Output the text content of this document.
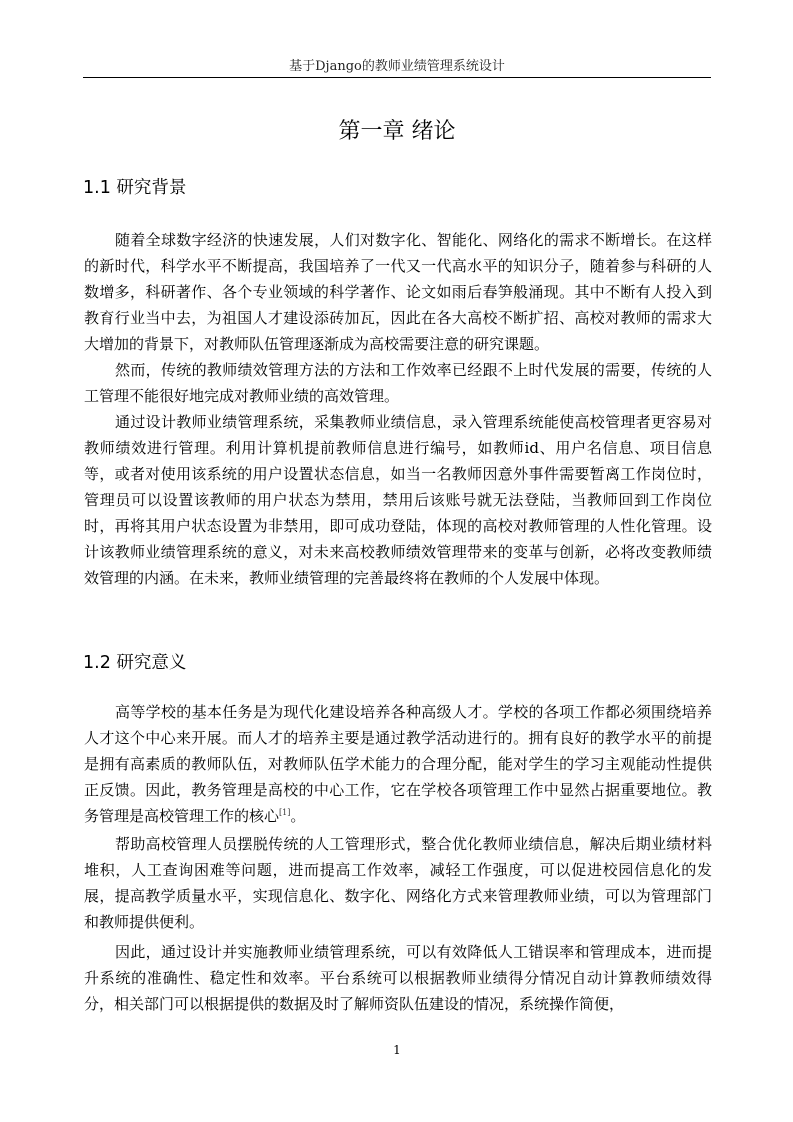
基于Django的教师业绩管理系统设计
第一章 绪论
1.1 研究背景

随着全球数字经济的快速发展，人们对数字化、智能化、网络化的需求不断增长。在这样的新时代，科学水平不断提高，我国培养了一代又一代高水平的知识分子，随着参与科研的人数增多，科研著作、各个专业领域的科学著作、论文如雨后春笋般涌现。其中不断有人投入到教育行业当中去，为祖国人才建设添砖加瓦，因此在各大高校不断扩招、高校对教师的需求大大增加的背景下，对教师队伍管理逐渐成为高校需要注意的研究课题。

然而，传统的教师绩效管理方法的方法和工作效率已经跟不上时代发展的需要，传统的人工管理不能很好地完成对教师业绩的高效管理。

通过设计教师业绩管理系统，采集教师业绩信息，录入管理系统能使高校管理者更容易对教师绩效进行管理。利用计算机提前教师信息进行编号，如教师id、用户名信息、项目信息等，或者对使用该系统的用户设置状态信息，如当一名教师因意外事件需要暂离工作岗位时，管理员可以设置该教师的用户状态为禁用，禁用后该账号就无法登陆，当教师回到工作岗位时，再将其用户状态设置为非禁用，即可成功登陆，体现的高校对教师管理的人性化管理。设计该教师业绩管理系统的意义，对未来高校教师绩效管理带来的变革与创新，必将改变教师绩效管理的内涵。在未来，教师业绩管理的完善最终将在教师的个人发展中体现。

1.2 研究意义

高等学校的基本任务是为现代化建设培养各种高级人才。学校的各项工作都必须围绕培养人才这个中心来开展。而人才的培养主要是通过教学活动进行的。拥有良好的教学水平的前提是拥有高素质的教师队伍，对教师队伍学术能力的合理分配，能对学生的学习主观能动性提供正反馈。因此，教务管理是高校的中心工作，它在学校各项管理工作中显然占据重要地位。教务管理是高校管理工作的核心[1]。

帮助高校管理人员摆脱传统的人工管理形式，整合优化教师业绩信息，解决后期业绩材料堆积，人工查询困难等问题，进而提高工作效率，减轻工作强度，可以促进校园信息化的发展，提高教学质量水平，实现信息化、数字化、网络化方式来管理教师业绩，可以为管理部门和教师提供便利。

因此，通过设计并实施教师业绩管理系统，可以有效降低人工错误率和管理成本，进而提升系统的准确性、稳定性和效率。平台系统可以根据教师业绩得分情况自动计算教师绩效得分，相关部门可以根据提供的数据及时了解师资队伍建设的情况，系统操作简便，

1
